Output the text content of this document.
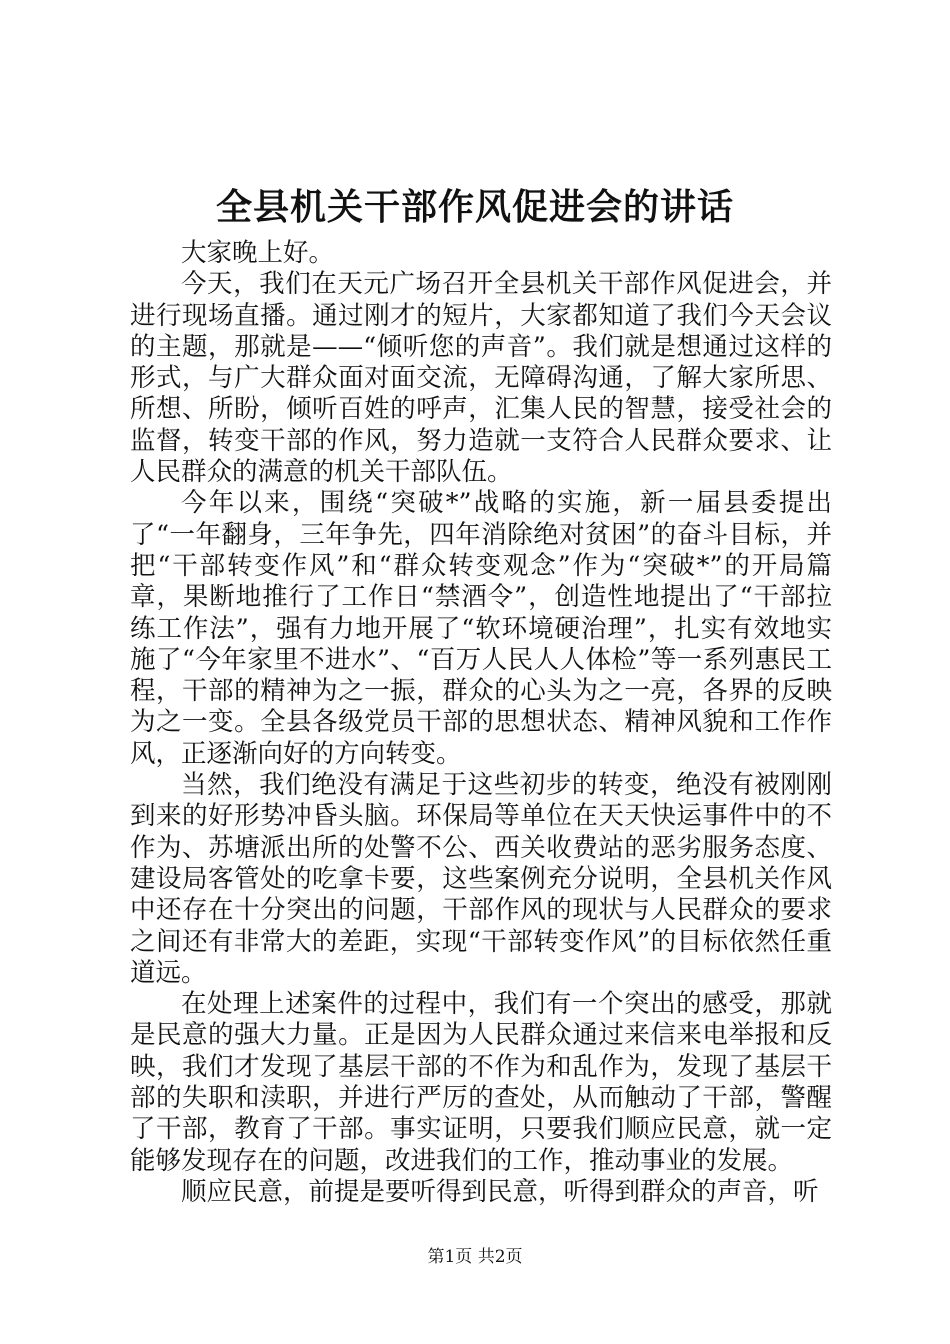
全县机关干部作风促进会的讲话

大家晚上好。

今天，我们在天元广场召开全县机关干部作风促进会，并进行现场直播。通过刚才的短片，大家都知道了我们今天会议的主题，那就是——“倾听您的声音”。我们就是想通过这样的形式，与广大群众面对面交流，无障碍沟通，了解大家所思、所想、所盼，倾听百姓的呼声，汇集人民的智慧，接受社会的监督，转变干部的作风，努力造就一支符合人民群众要求、让人民群众的满意的机关干部队伍。

今年以来，围绕“突破*”战略的实施，新一届县委提出了“一年翻身，三年争先，四年消除绝对贫困”的奋斗目标，并把“干部转变作风”和“群众转变观念”作为“突破*”的开局篇章，果断地推行了工作日“禁酒令”，创造性地提出了“干部拉练工作法”，强有力地开展了“软环境硬治理”，扎实有效地实施了“今年家里不进水”、“百万人民人人体检”等一系列惠民工程，干部的精神为之一振，群众的心头为之一亮，各界的反映为之一变。全县各级党员干部的思想状态、精神风貌和工作作风，正逐渐向好的方向转变。

当然，我们绝没有满足于这些初步的转变，绝没有被刚刚到来的好形势冲昏头脑。环保局等单位在天天快运事件中的不作为、苏塘派出所的处警不公、西关收费站的恶劣服务态度、建设局客管处的吃拿卡要，这些案例充分说明，全县机关作风中还存在十分突出的问题，干部作风的现状与人民群众的要求之间还有非常大的差距，实现“干部转变作风”的目标依然任重道远。

在处理上述案件的过程中，我们有一个突出的感受，那就是民意的强大力量。正是因为人民群众通过来信来电举报和反映，我们才发现了基层干部的不作为和乱作为，发现了基层干部的失职和渎职，并进行严厉的查处，从而触动了干部，警醒了干部，教育了干部。事实证明，只要我们顺应民意，就一定能够发现存在的问题，改进我们的工作，推动事业的发展。

顺应民意，前提是要听得到民意，听得到群众的声音，听

第1页 共2页
